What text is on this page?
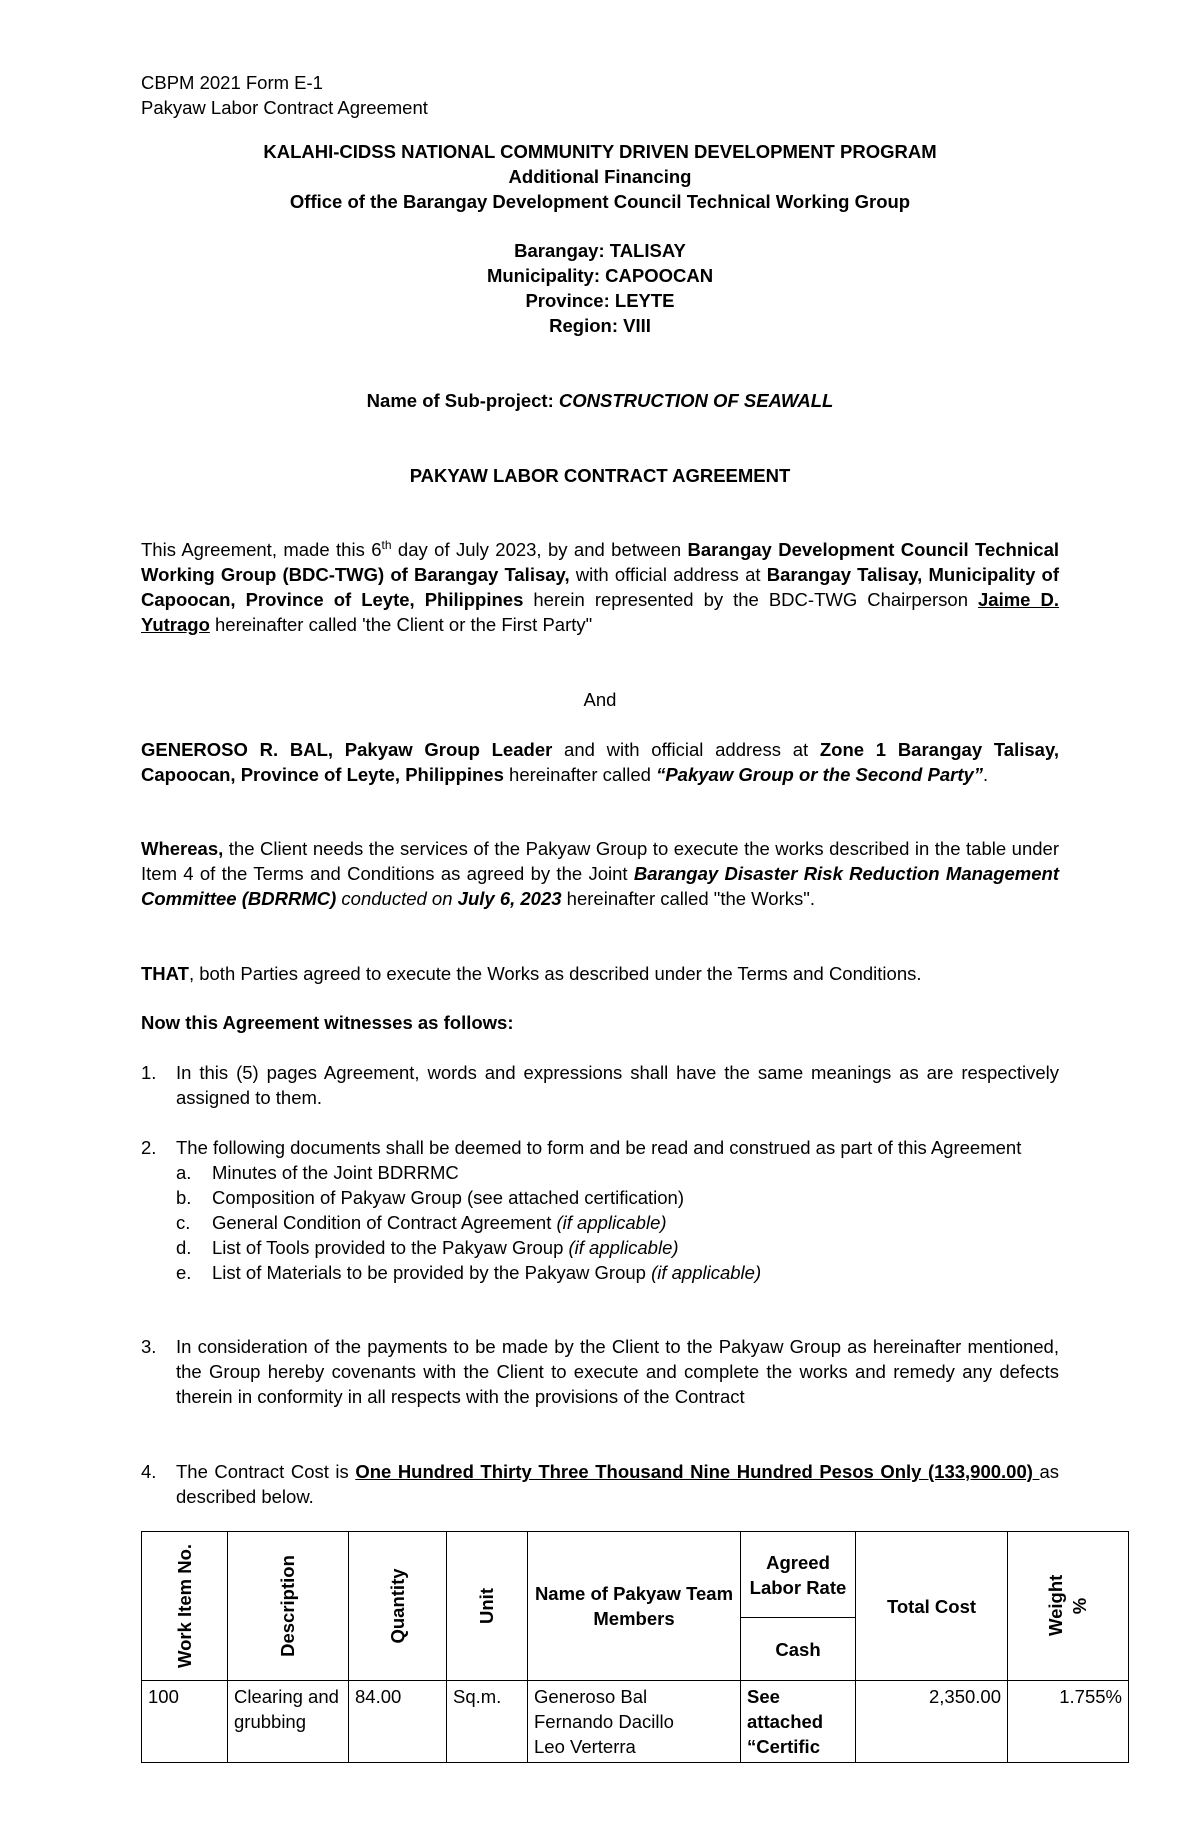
CBPM 2021 Form E-1
Pakyaw Labor Contract Agreement
KALAHI-CIDSS NATIONAL COMMUNITY DRIVEN DEVELOPMENT PROGRAM
Additional Financing
Office of the Barangay Development Council Technical Working Group
Barangay: TALISAY
Municipality: CAPOOCAN
Province: LEYTE
Region: VIII
Name of Sub-project: CONSTRUCTION OF SEAWALL
PAKYAW LABOR CONTRACT AGREEMENT
This Agreement, made this 6th day of July 2023, by and between Barangay Development Council Technical Working Group (BDC-TWG) of Barangay Talisay, with official address at Barangay Talisay, Municipality of Capoocan, Province of Leyte, Philippines herein represented by the BDC-TWG Chairperson Jaime D. Yutrago hereinafter called 'the Client or the First Party"
And
GENEROSO R. BAL, Pakyaw Group Leader and with official address at Zone 1 Barangay Talisay, Capoocan, Province of Leyte, Philippines hereinafter called “Pakyaw Group or the Second Party”.
Whereas, the Client needs the services of the Pakyaw Group to execute the works described in the table under Item 4 of the Terms and Conditions as agreed by the Joint Barangay Disaster Risk Reduction Management Committee (BDRRMC) conducted on July 6, 2023 hereinafter called "the Works".
THAT, both Parties agreed to execute the Works as described under the Terms and Conditions.
Now this Agreement witnesses as follows:
1. In this (5) pages Agreement, words and expressions shall have the same meanings as are respectively assigned to them.
2. The following documents shall be deemed to form and be read and construed as part of this Agreement
a. Minutes of the Joint BDRRMC
b. Composition of Pakyaw Group (see attached certification)
c. General Condition of Contract Agreement (if applicable)
d. List of Tools provided to the Pakyaw Group (if applicable)
e. List of Materials to be provided by the Pakyaw Group (if applicable)
3. In consideration of the payments to be made by the Client to the Pakyaw Group as hereinafter mentioned, the Group hereby covenants with the Client to execute and complete the works and remedy any defects therein in conformity in all respects with the provisions of the Contract
4. The Contract Cost is One Hundred Thirty Three Thousand Nine Hundred Pesos Only (133,900.00) as described below.
Work Item No.	Description	Quantity	Unit	Name of Pakyaw Team Members	Agreed Labor Rate	Total Cost	Weight %

					Cash		
100	Clearing and grubbing	84.00	Sq.m.	Generoso Bal
Fernando Dacillo
Leo Verterra	See attached “Certific	2,350.00	1.755%
